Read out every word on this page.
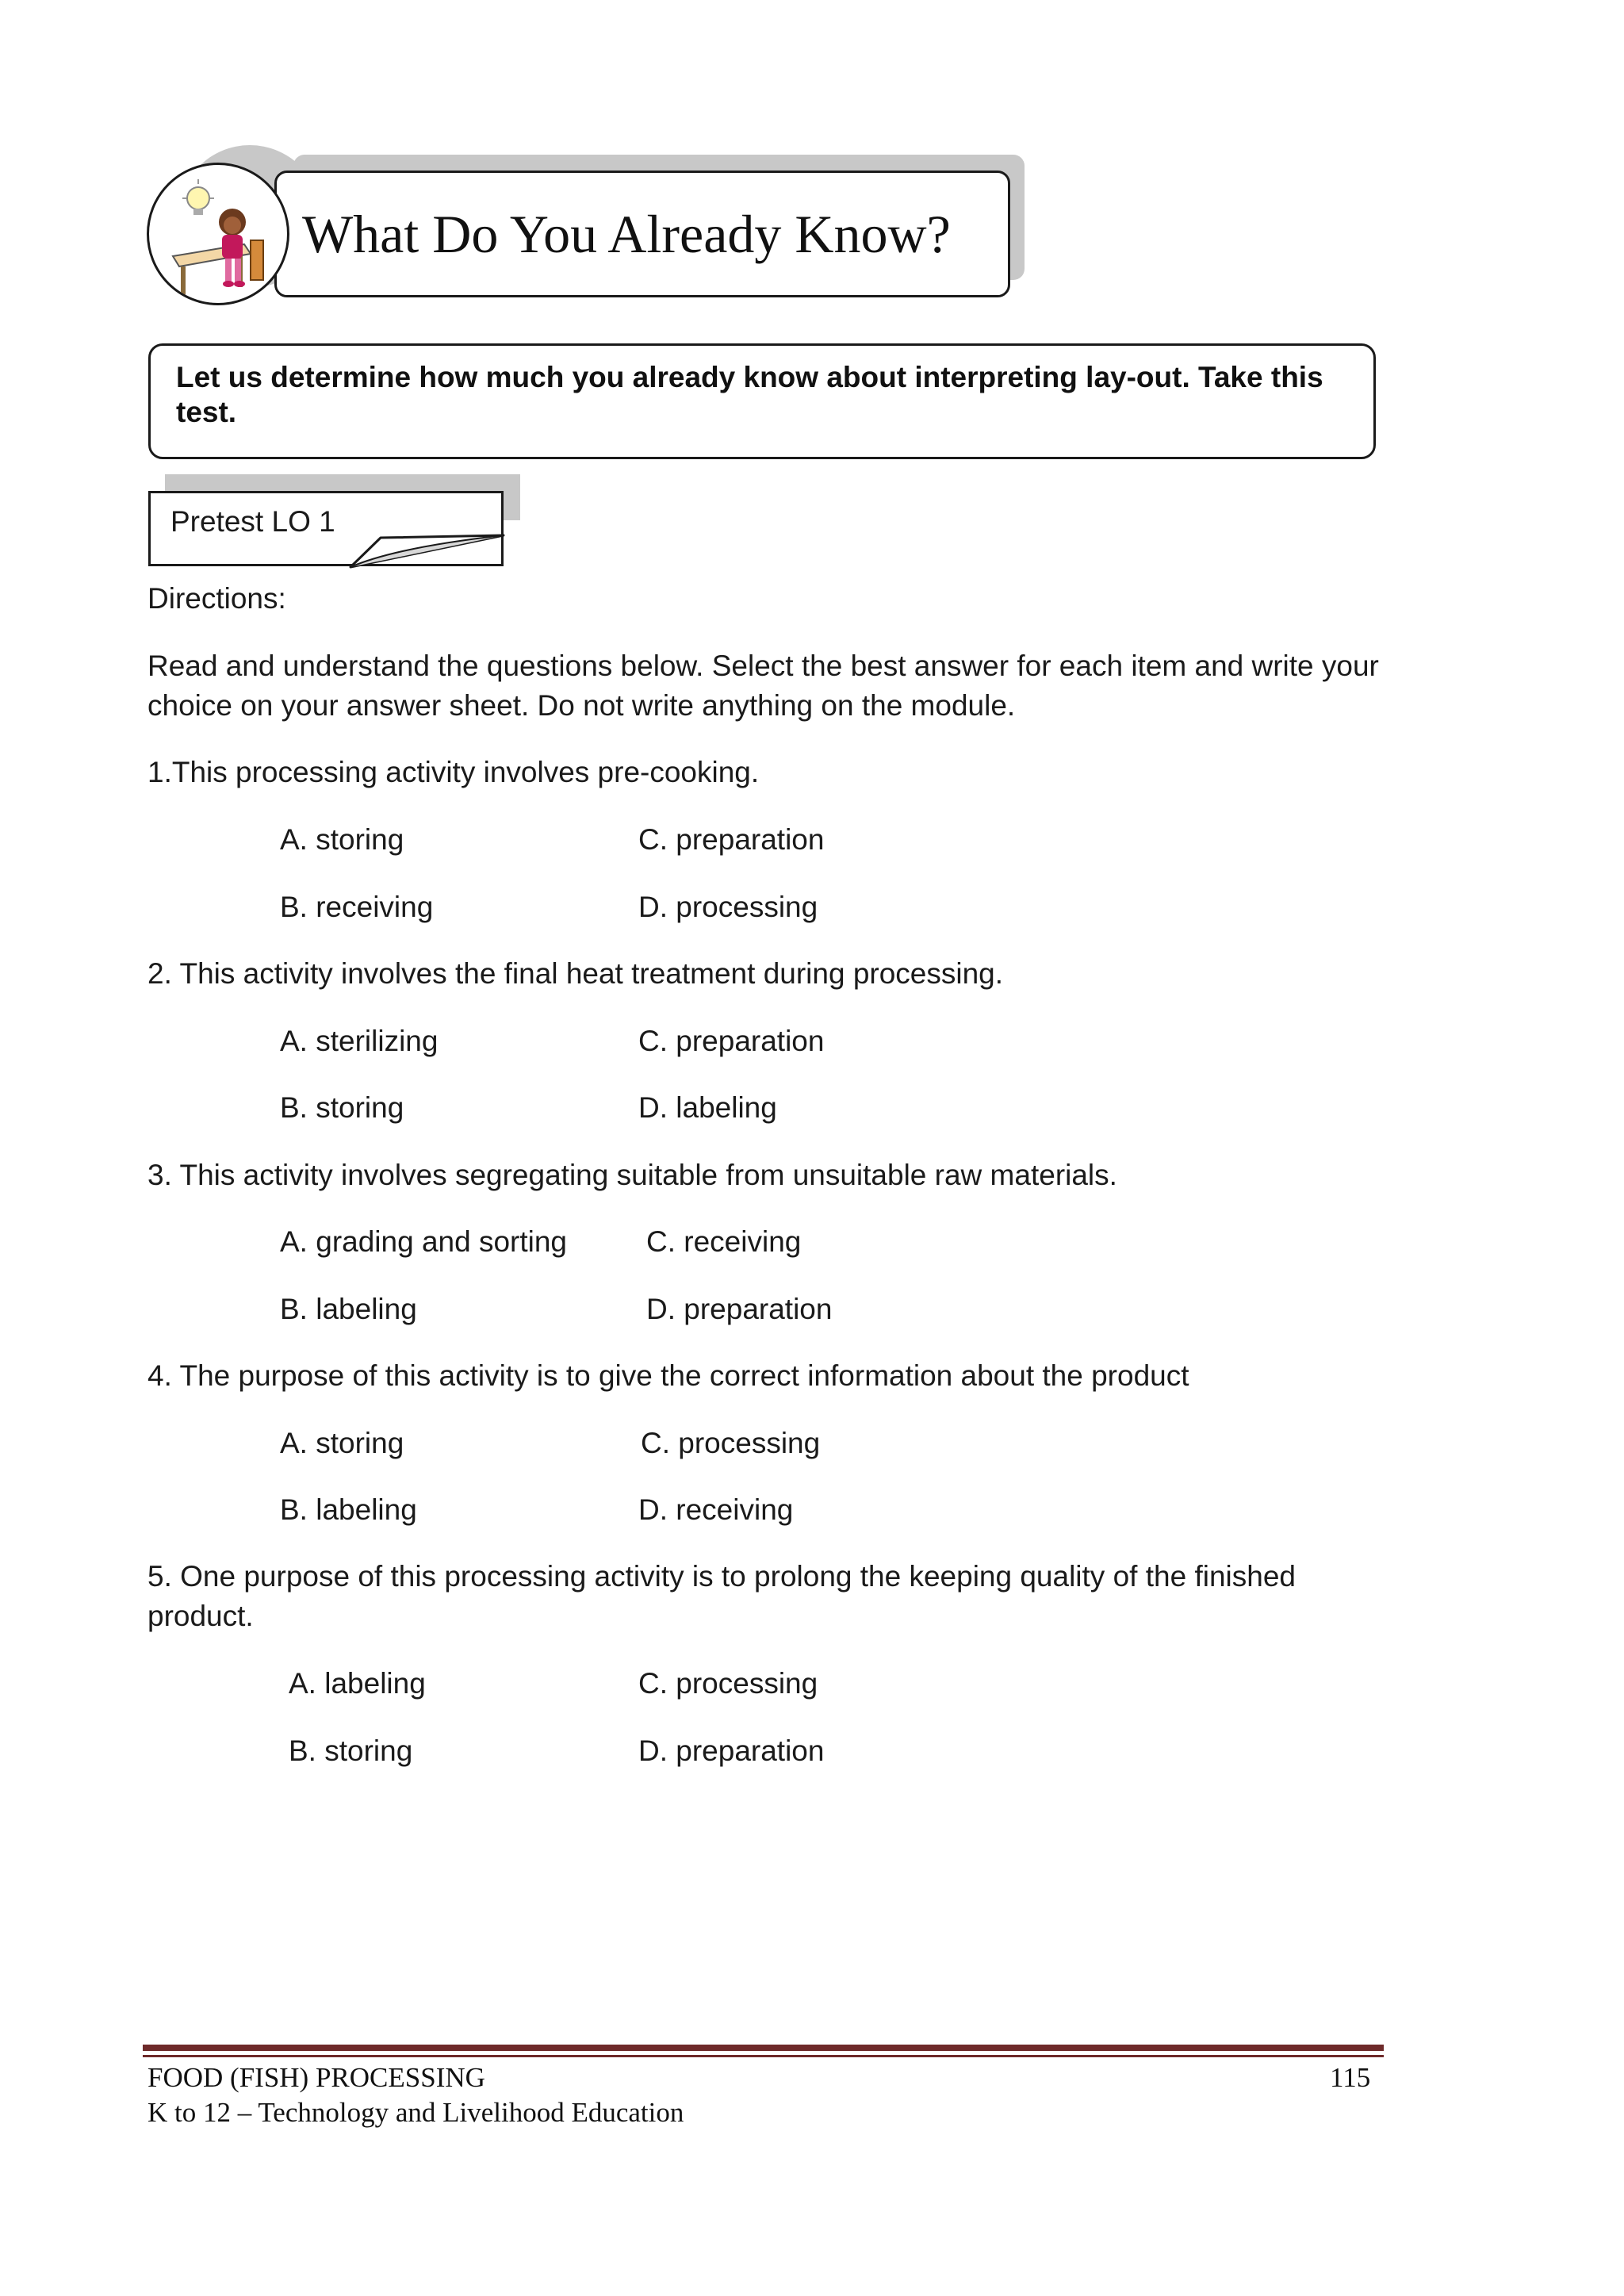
What Do You Already Know?
Let us determine how much you already know about interpreting lay-out. Take this test.
Pretest LO 1
Directions:
Read and understand the questions below. Select the best answer for each item and write your choice on your answer sheet. Do not write anything on the module.
1.This processing activity involves pre-cooking.
A. storing	C. preparation
B. receiving	D. processing
2. This activity involves the final heat treatment during processing.
A. sterilizing	C. preparation
B. storing	D. labeling
3. This activity involves segregating suitable from unsuitable raw materials.
A. grading and sorting	C. receiving
B. labeling	D. preparation
4. The purpose of this activity is to give the correct information about the product
A. storing	C. processing
B. labeling	D. receiving
5. One purpose of this processing activity is to prolong the keeping quality of the finished product.
A. labeling	C. processing
B. storing	D. preparation
FOOD (FISH) PROCESSING
K to 12 – Technology and Livelihood Education
115
